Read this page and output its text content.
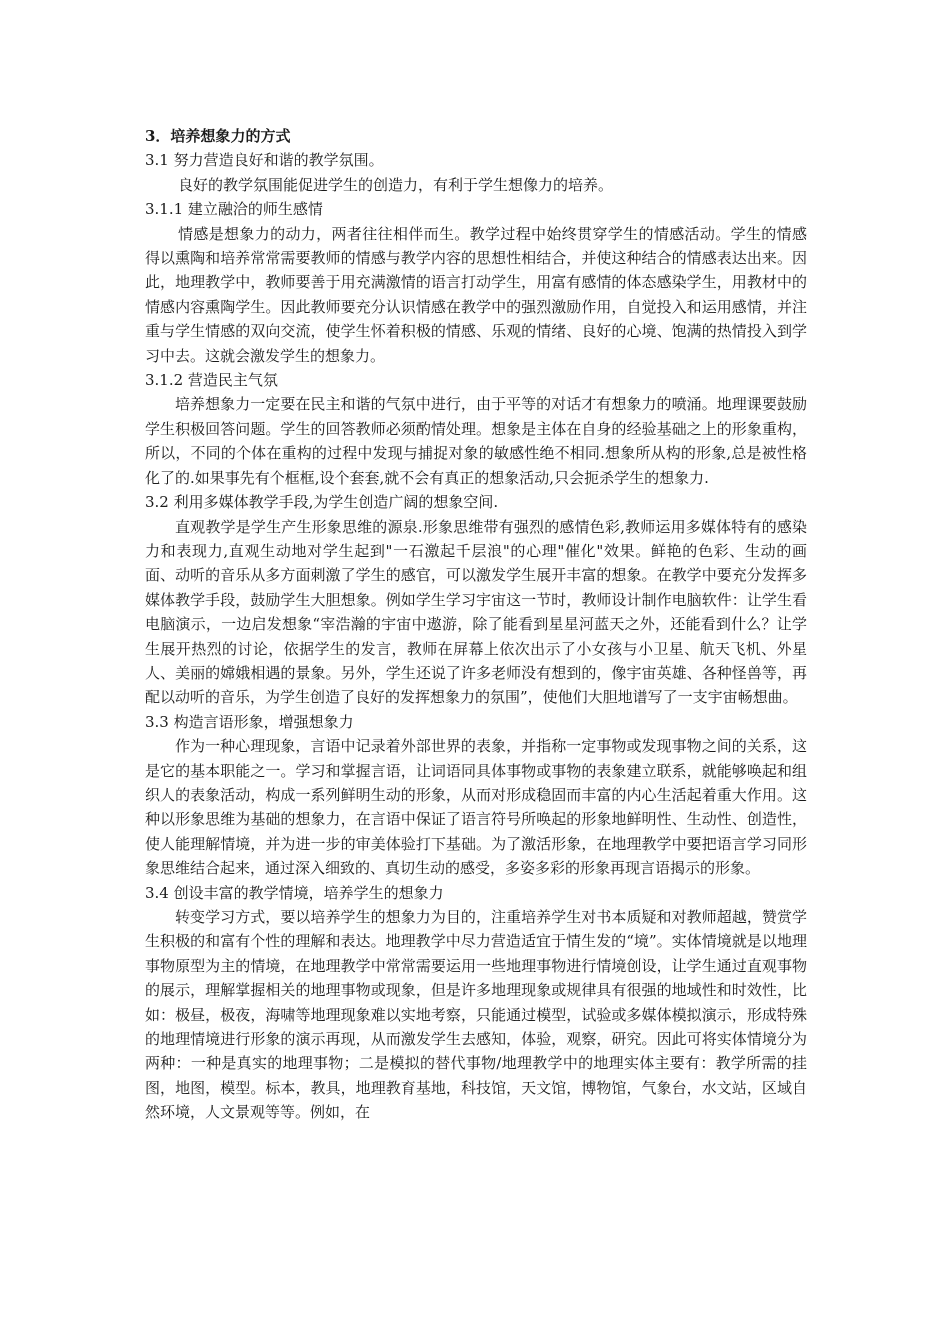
3．培养想象力的方式

3.1 努力营造良好和谐的教学氛围。

良好的教学氛围能促进学生的创造力，有利于学生想像力的培养。

3.1.1 建立融洽的师生感情

情感是想象力的动力，两者往往相伴而生。教学过程中始终贯穿学生的情感活动。学生的情感得以熏陶和培养常常需要教师的情感与教学内容的思想性相结合，并使这种结合的情感表达出来。因此，地理教学中，教师要善于用充满激情的语言打动学生，用富有感情的体态感染学生，用教材中的情感内容熏陶学生。因此教师要充分认识情感在教学中的强烈激励作用，自觉投入和运用感情，并注重与学生情感的双向交流，使学生怀着积极的情感、乐观的情绪、良好的心境、饱满的热情投入到学习中去。这就会激发学生的想象力。

3.1.2 营造民主气氛

培养想象力一定要在民主和谐的气氛中进行，由于平等的对话才有想象力的喷涌。地理课要鼓励学生积极回答问题。学生的回答教师必须酌情处理。想象是主体在自身的经验基础之上的形象重构，所以，不同的个体在重构的过程中发现与捕捉对象的敏感性绝不相同.想象所从构的形象,总是被性格化了的.如果事先有个框框,设个套套,就不会有真正的想象活动,只会扼杀学生的想象力.

3.2 利用多媒体教学手段,为学生创造广阔的想象空间.

直观教学是学生产生形象思维的源泉.形象思维带有强烈的感情色彩,教师运用多媒体特有的感染力和表现力,直观生动地对学生起到"一石激起千层浪"的心理"催化"效果。鲜艳的色彩、生动的画面、动听的音乐从多方面刺激了学生的感官，可以激发学生展开丰富的想象。在教学中要充分发挥多媒体教学手段，鼓励学生大胆想象。例如学生学习宇宙这一节时，教师设计制作电脑软件：让学生看电脑演示，一边启发想象“宰浩瀚的宇宙中遨游，除了能看到星星河蓝天之外，还能看到什么？让学生展开热烈的讨论，依据学生的发言，教师在屏幕上依次出示了小女孩与小卫星、航天飞机、外星人、美丽的嫦娥相遇的景象。另外，学生还说了许多老师没有想到的，像宇宙英雄、各种怪兽等，再配以动听的音乐，为学生创造了良好的发挥想象力的氛围”，使他们大胆地谱写了一支宇宙畅想曲。

3.3 构造言语形象，增强想象力

作为一种心理现象，言语中记录着外部世界的表象，并指称一定事物或发现事物之间的关系，这是它的基本职能之一。学习和掌握言语，让词语同具体事物或事物的表象建立联系，就能够唤起和组织人的表象活动，构成一系列鲜明生动的形象，从而对形成稳固而丰富的内心生活起着重大作用。这种以形象思维为基础的想象力，在言语中保证了语言符号所唤起的形象地鲜明性、生动性、创造性，使人能理解情境，并为进一步的审美体验打下基础。为了激活形象，在地理教学中要把语言学习同形象思维结合起来，通过深入细致的、真切生动的感受，多姿多彩的形象再现言语揭示的形象。

3.4 创设丰富的教学情境，培养学生的想象力

转变学习方式，要以培养学生的想象力为目的，注重培养学生对书本质疑和对教师超越，赞赏学生积极的和富有个性的理解和表达。地理教学中尽力营造适宜于情生发的“境”。实体情境就是以地理事物原型为主的情境，在地理教学中常常需要运用一些地理事物进行情境创设，让学生通过直观事物的展示，理解掌握相关的地理事物或现象，但是许多地理现象或规律具有很强的地域性和时效性，比如：极昼，极夜，海啸等地理现象难以实地考察，只能通过模型，试验或多媒体模拟演示，形成特殊的地理情境进行形象的演示再现，从而激发学生去感知，体验，观察，研究。因此可将实体情境分为两种：一种是真实的地理事物；二是模拟的替代事物/地理教学中的地理实体主要有：教学所需的挂图，地图，模型。标本，教具，地理教育基地，科技馆，天文馆，博物馆，气象台，水文站，区域自然环境，人文景观等等。例如，在
